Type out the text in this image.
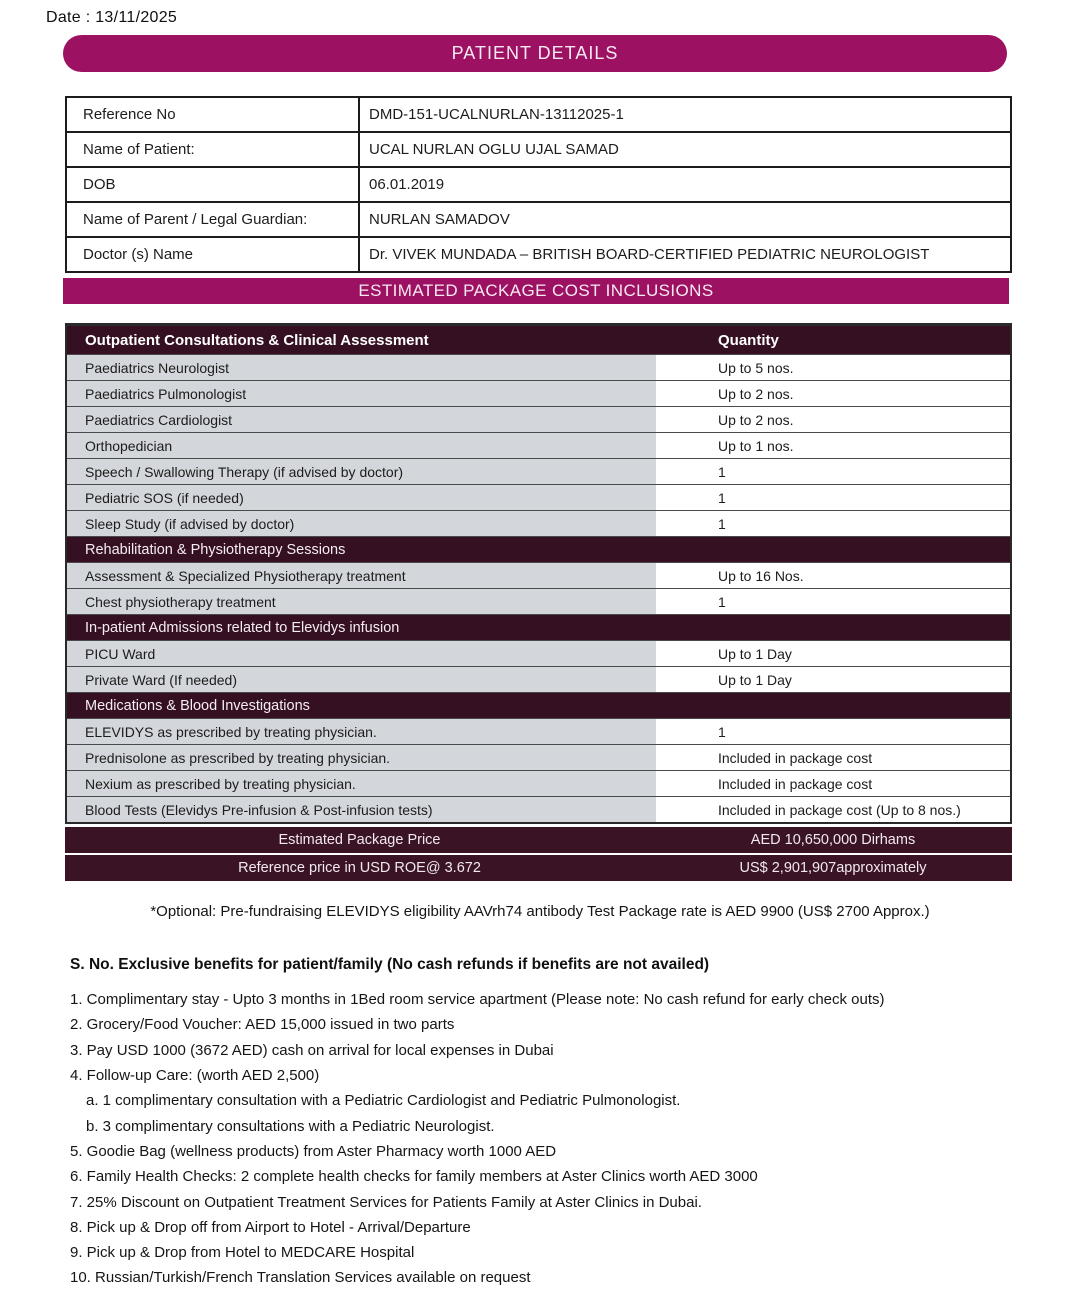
Date : 13/11/2025
PATIENT DETAILS
Reference No	DMD-151-UCALNURLAN-13112025-1
Name of Patient:	UCAL NURLAN OGLU UJAL SAMAD
DOB	06.01.2019
Name of Parent / Legal Guardian:	NURLAN SAMADOV
Doctor (s) Name	Dr. VIVEK MUNDADA – BRITISH BOARD-CERTIFIED PEDIATRIC NEUROLOGIST
ESTIMATED PACKAGE COST INCLUSIONS
Outpatient Consultations & Clinical Assessment	Quantity
Paediatrics Neurologist	Up to 5 nos.
Paediatrics Pulmonologist	Up to 2 nos.
Paediatrics Cardiologist	Up to 2 nos.
Orthopedician	Up to 1 nos.
Speech / Swallowing Therapy (if advised by doctor)	1
Pediatric SOS (if needed)	1
Sleep Study (if advised by doctor)	1
Rehabilitation & Physiotherapy Sessions
Assessment & Specialized Physiotherapy treatment	Up to 16 Nos.
Chest physiotherapy treatment	1
In-patient Admissions related to Elevidys infusion
PICU Ward	Up to 1 Day
Private Ward (If needed)	Up to 1 Day
Medications & Blood Investigations
ELEVIDYS as prescribed by treating physician.	1
Prednisolone as prescribed by treating physician.	Included in package cost
Nexium as prescribed by treating physician.	Included in package cost
Blood Tests (Elevidys Pre-infusion & Post-infusion tests)	Included in package cost (Up to 8 nos.)
Estimated Package Price	AED 10,650,000 Dirhams
Reference price in USD ROE@ 3.672	US$ 2,901,907approximately
*Optional: Pre-fundraising ELEVIDYS eligibility AAVrh74 antibody Test Package rate is AED 9900 (US$ 2700 Approx.)
S. No. Exclusive benefits for patient/family (No cash refunds if benefits are not availed)
1. Complimentary stay - Upto 3 months in 1Bed room service apartment (Please note: No cash refund for early check outs)
2. Grocery/Food Voucher: AED 15,000 issued in two parts
3. Pay USD 1000 (3672 AED) cash on arrival for local expenses in Dubai
4. Follow-up Care: (worth AED 2,500)
a. 1 complimentary consultation with a Pediatric Cardiologist and Pediatric Pulmonologist.
b. 3 complimentary consultations with a Pediatric Neurologist.
5. Goodie Bag (wellness products) from Aster Pharmacy worth 1000 AED
6. Family Health Checks: 2 complete health checks for family members at Aster Clinics worth AED 3000
7. 25% Discount on Outpatient Treatment Services for Patients Family at Aster Clinics in Dubai.
8. Pick up & Drop off from Airport to Hotel - Arrival/Departure
9. Pick up & Drop from Hotel to MEDCARE Hospital
10. Russian/Turkish/French Translation Services available on request
